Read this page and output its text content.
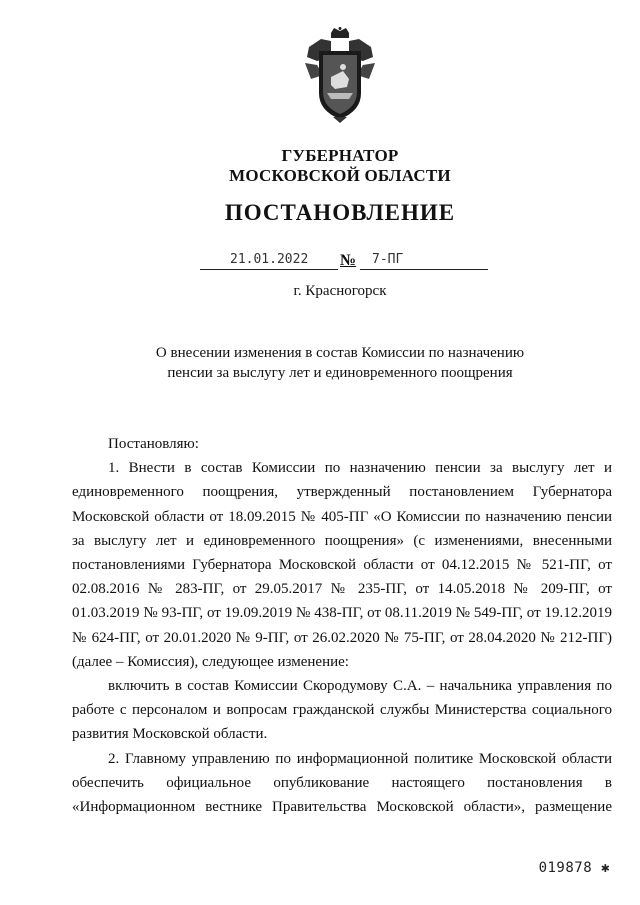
ГУБЕРНАТОР
МОСКОВСКОЙ ОБЛАСТИ
ПОСТАНОВЛЕНИЕ
21.01.2022 № 7-ПГ
г. Красногорск
О внесении изменения в состав Комиссии по назначению пенсии за выслугу лет и единовременного поощрения

Постановляю:

1. Внести в состав Комиссии по назначению пенсии за выслугу лет и единовременного поощрения, утвержденный постановлением Губернатора Московской области от 18.09.2015 № 405-ПГ «О Комиссии по назначению пенсии за выслугу лет и единовременного поощрения» (с изменениями, внесенными постановлениями Губернатора Московской области от 04.12.2015 № 521-ПГ, от 02.08.2016 № 283-ПГ, от 29.05.2017 № 235-ПГ, от 14.05.2018 № 209-ПГ, от 01.03.2019 № 93-ПГ, от 19.09.2019 № 438-ПГ, от 08.11.2019 № 549-ПГ, от 19.12.2019 № 624-ПГ, от 20.01.2020 № 9-ПГ, от 26.02.2020 № 75-ПГ, от 28.04.2020 № 212-ПГ) (далее – Комиссия), следующее изменение:

включить в состав Комиссии Скородумову С.А. – начальника управления по работе с персоналом и вопросам гражданской службы Министерства социального развития Московской области.

2. Главному управлению по информационной политике Московской области обеспечить официальное опубликование настоящего постановления в «Информационном вестнике Правительства Московской области», размещение

019878 ✱
